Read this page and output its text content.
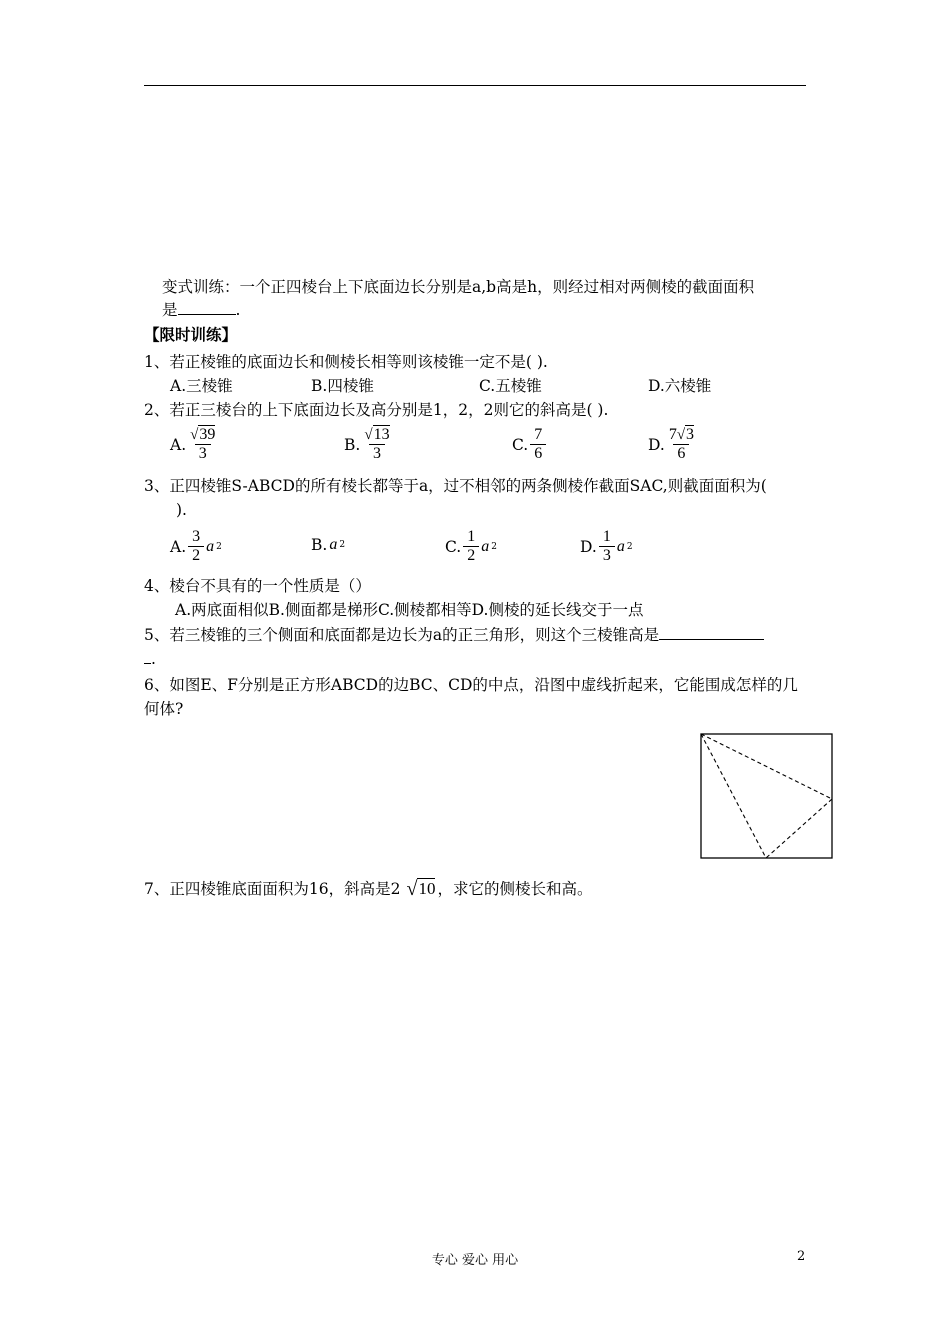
变式训练：一个正四棱台上下底面边长分别是a,b高是h，则经过相对两侧棱的截面面积
是	.
【限时训练】
1、若正棱锥的底面边长和侧棱长相等则该棱锥一定不是( ).
A.三棱锥	B.四棱锥	C.五棱锥	D.六棱锥
2、若正三棱台的上下底面边长及高分别是1，2，2则它的斜高是( ).
A. $\frac{√39}{3}$	B. $\frac{√13}{3}$	C. $\frac{7}{6}$	D. $\frac{7√3}{6}$
3、正四棱锥S-ABCD的所有棱长都等于a，过不相邻的两条侧棱作截面SAC,则截面面积为(
).
A. $\frac{3}{2}$ a 2	B. a 2	C. $\frac{1}{2}$ a 2	D. $\frac{1}{3}$ a 2
4、棱台不具有的一个性质是（）
A.两底面相似B.侧面都是梯形C.侧棱都相等D.侧棱的延长线交于一点
5、若三棱锥的三个侧面和底面都是边长为a的正三角形，则这个三棱锥高是
.
6、如图E、F分别是正方形ABCD的边BC、CD的中点，沿图中虚线折起来，它能围成怎样的几
何体?
7、正四棱锥底面面积为16，斜高是2 √ 10 ，求它的侧棱长和高。
专心 爱心 用心	2
